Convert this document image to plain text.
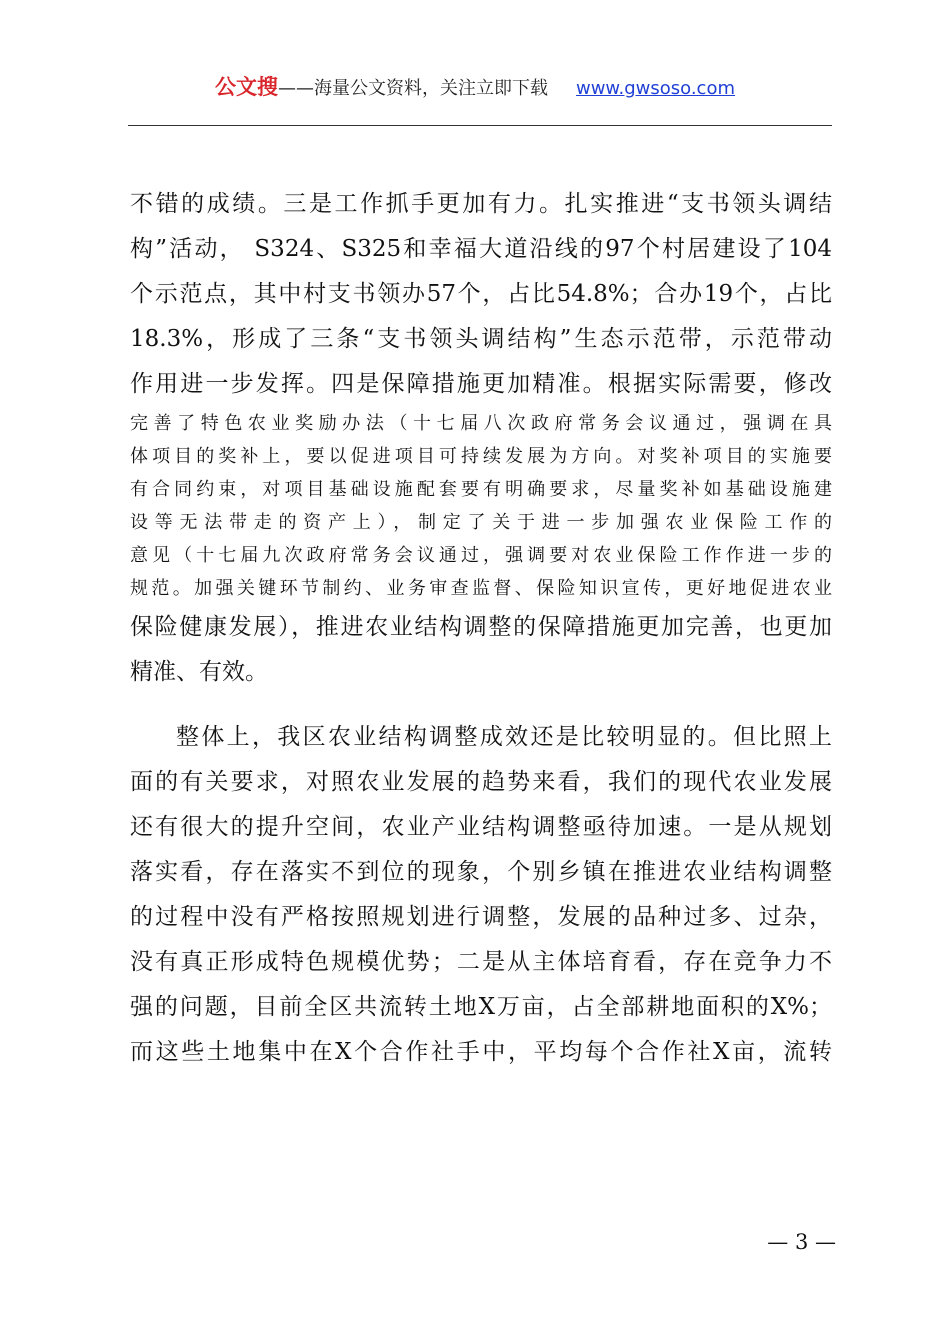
公文搜——海量公文资料，关注立即下载 www.gwsoso.com
不错的成绩。三是工作抓手更加有力。扎实推进“支书领头调结
构”活动， S324、S325和幸福大道沿线的97个村居建设了104
个示范点，其中村支书领办57个，占比54.8%；合办19个，占比
18.3%，形成了三条“支书领头调结构”生态示范带，示范带动
作用进一步发挥。四是保障措施更加精准。根据实际需要，修改
完善了特色农业奖励办法（十七届八次政府常务会议通过，强调在具
体项目的奖补上，要以促进项目可持续发展为方向。对奖补项目的实施要
有合同约束，对项目基础设施配套要有明确要求，尽量奖补如基础设施建
设等无法带走的资产上），制定了关于进一步加强农业保险工作的
意见（十七届九次政府常务会议通过，强调要对农业保险工作作进一步的
规范。加强关键环节制约、业务审查监督、保险知识宣传，更好地促进农业
保险健康发展），推进农业结构调整的保障措施更加完善，也更加
精准、有效。
整体上，我区农业结构调整成效还是比较明显的。但比照上
面的有关要求，对照农业发展的趋势来看，我们的现代农业发展
还有很大的提升空间，农业产业结构调整亟待加速。一是从规划
落实看，存在落实不到位的现象，个别乡镇在推进农业结构调整
的过程中没有严格按照规划进行调整，发展的品种过多、过杂，
没有真正形成特色规模优势；二是从主体培育看，存在竞争力不
强的问题，目前全区共流转土地X万亩，占全部耕地面积的X%；
而这些土地集中在X个合作社手中，平均每个合作社X亩，流转
— 3 —
